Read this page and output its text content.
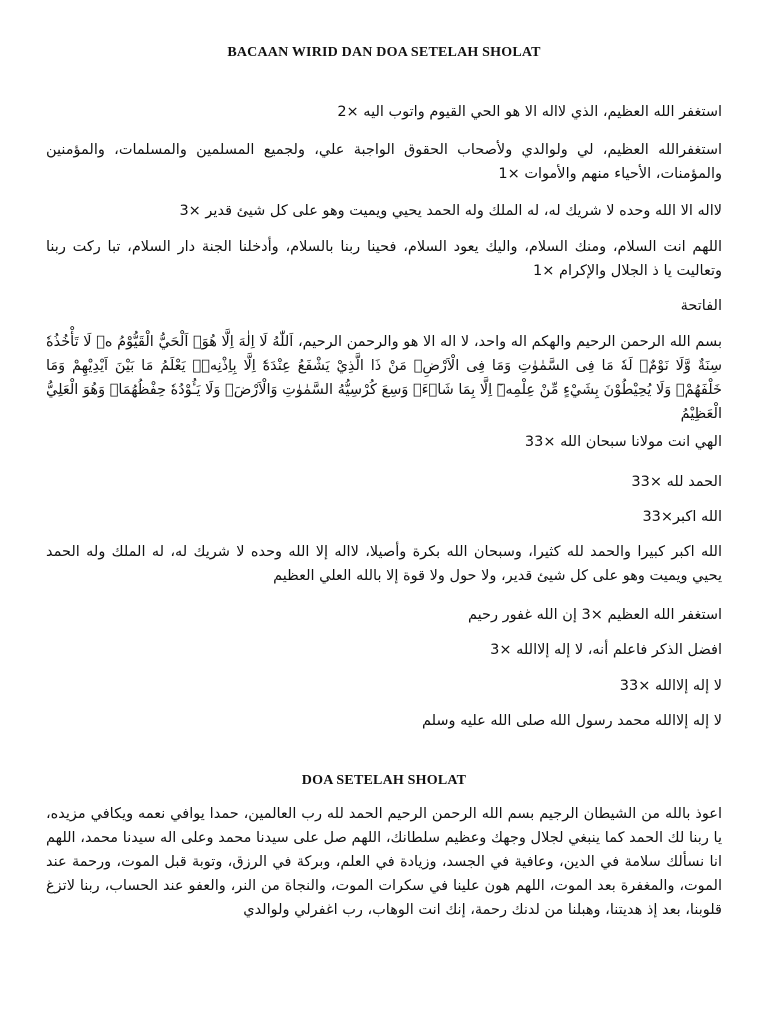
BACAAN WIRID DAN DOA SETELAH SHOLAT
استغفر الله العظيم، الذي لااله الا هو الحي القيوم واتوب اليه ×2
استغفرالله العظيم، لي ولوالدي ولأصحاب الحقوق الواجبة علي، ولجميع المسلمين والمسلمات، والمؤمنين والمؤمنات، الأحياء منهم والأموات ×1
لااله الا الله وحده لا شريك له، له الملك وله الحمد يحيي ويميت وهو على كل شيئ قدير ×3
اللهم انت السلام، ومنك السلام، واليك يعود السلام، فحينا ربنا بالسلام، وأدخلنا الجنة دار السلام، تبا ركت ربنا وتعاليت يا ذ الجلال والإكرام ×1
الفاتحة
بسم الله الرحمن الرحيم والهكم اله واحد، لا اله الا هو والرحمن الرحيم، اَللّٰهُ لَا اِلٰهَ اِلَّا هُوَۚ اَلْحَيُّ الْقَيُّوْمُ ەۚ لَا تَأْخُذُهٗ سِنَةٌ وَّلَا نَوْمٌۗ لَهٗ مَا فِى السَّمٰوٰتِ وَمَا فِى الْاَرْضِۗ مَنْ ذَا الَّذِيْ يَشْفَعُ عِنْدَهٗٓ اِلَّا بِاِذْنِهٖۗ يَعْلَمُ مَا بَيْنَ اَيْدِيْهِمْ وَمَا خَلْفَهُمْۚ وَلَا يُحِيْطُوْنَ بِشَيْءٍ مِّنْ عِلْمِهٖٓ اِلَّا بِمَا شَاۤءَۚ وَسِعَ كُرْسِيُّهُ السَّمٰوٰتِ وَالْاَرْضَۚ وَلَا يَـُٔوْدُهٗ حِفْظُهُمَاۚ وَهُوَ الْعَلِيُّ الْعَظِيْمُ
الهي انت مولانا سبحان الله ×33
الحمد لله ×33
الله اكبر×33
الله اكبر كبيرا والحمد لله كثيرا، وسبحان الله بكرة وأصيلا، لااله إلا الله وحده لا شريك له، له الملك وله الحمد يحيي ويميت وهو على كل شيئ قدير، ولا حول ولا قوة إلا بالله العلي العظيم
استغفر الله العظيم ×3 إن الله غفور رحيم
افضل الذكر فاعلم أنه، لا إله إلاالله ×3
لا إله إلاالله ×33
لا إله إلاالله محمد رسول الله صلى الله عليه وسلم
DOA SETELAH SHOLAT
اعوذ بالله من الشيطان الرجيم بسم الله الرحمن الرحيم الحمد لله رب العالمين، حمدا يوافي نعمه ويكافي مزيده، يا ربنا لك الحمد كما ينبغي لجلال وجهك وعظيم سلطانك، اللهم صل على سيدنا محمد وعلى اله سيدنا محمد، اللهم انا نسألك سلامة في الدين، وعافية في الجسد، وزيادة في العلم، وبركة في الرزق، وتوبة قبل الموت، ورحمة عند الموت، والمغفرة بعد الموت، اللهم هون علينا في سكرات الموت، والنجاة من النر، والعفو عند الحساب، ربنا لاتزغ قلوبنا، بعد إذ هديتنا، وهبلنا من لدنك رحمة، إنك انت الوهاب، رب اغفرلي ولوالدي
